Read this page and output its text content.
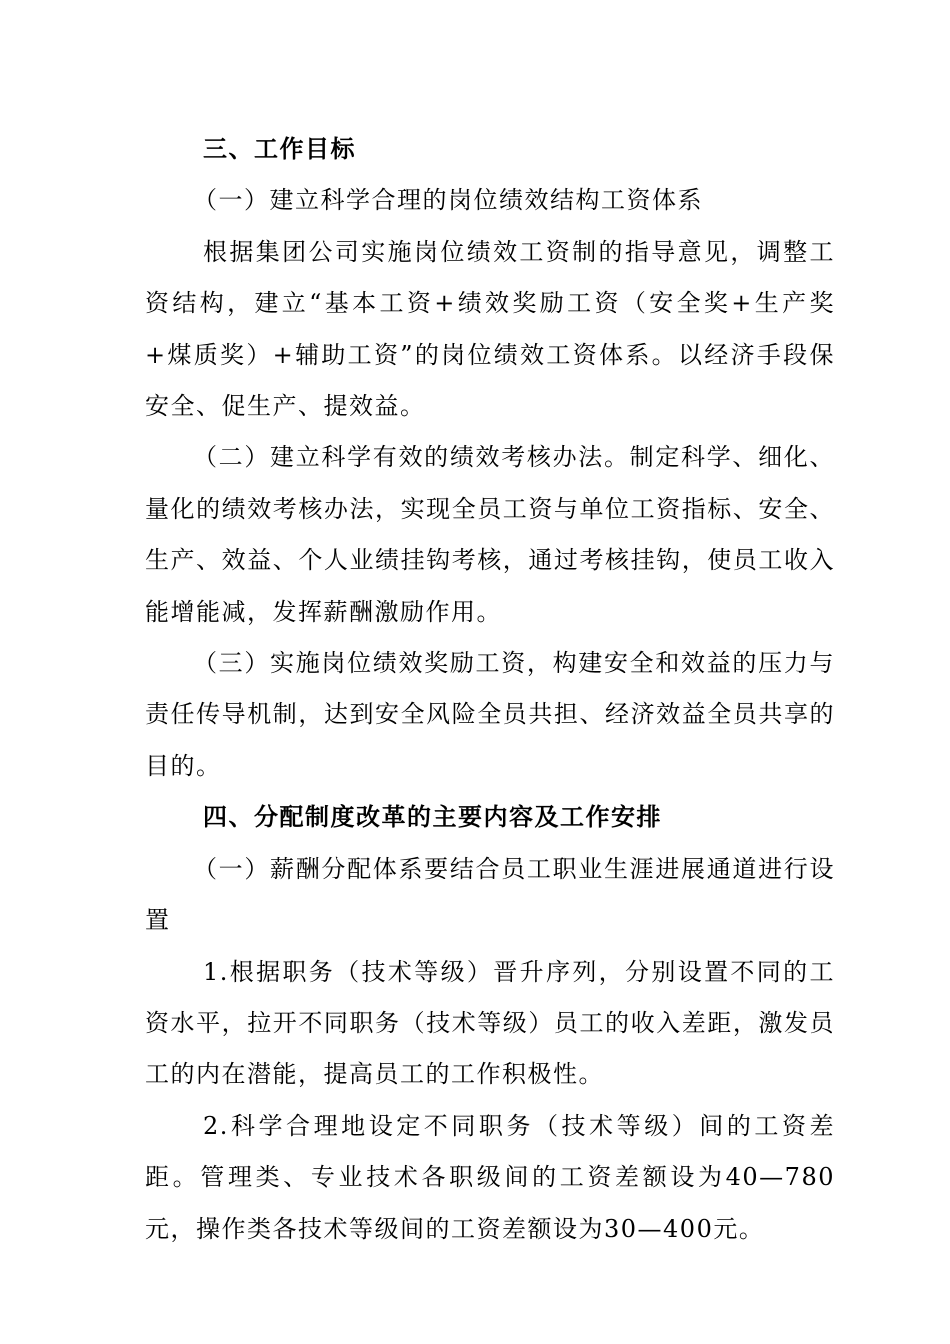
三、工作目标

（一）建立科学合理的岗位绩效结构工资体系

根据集团公司实施岗位绩效工资制的指导意见，调整工资结构，建立“基本工资+绩效奖励工资（安全奖+生产奖+煤质奖）+辅助工资”的岗位绩效工资体系。以经济手段保安全、促生产、提效益。

（二）建立科学有效的绩效考核办法。制定科学、细化、量化的绩效考核办法，实现全员工资与单位工资指标、安全、生产、效益、个人业绩挂钩考核，通过考核挂钩，使员工收入能增能减，发挥薪酬激励作用。

（三）实施岗位绩效奖励工资，构建安全和效益的压力与责任传导机制，达到安全风险全员共担、经济效益全员共享的目的。

四、分配制度改革的主要内容及工作安排

（一）薪酬分配体系要结合员工职业生涯进展通道进行设置

1.根据职务（技术等级）晋升序列，分别设置不同的工资水平，拉开不同职务（技术等级）员工的收入差距，激发员工的内在潜能，提高员工的工作积极性。

2.科学合理地设定不同职务（技术等级）间的工资差距。管理类、专业技术各职级间的工资差额设为40—780元，操作类各技术等级间的工资差额设为30—400元。
